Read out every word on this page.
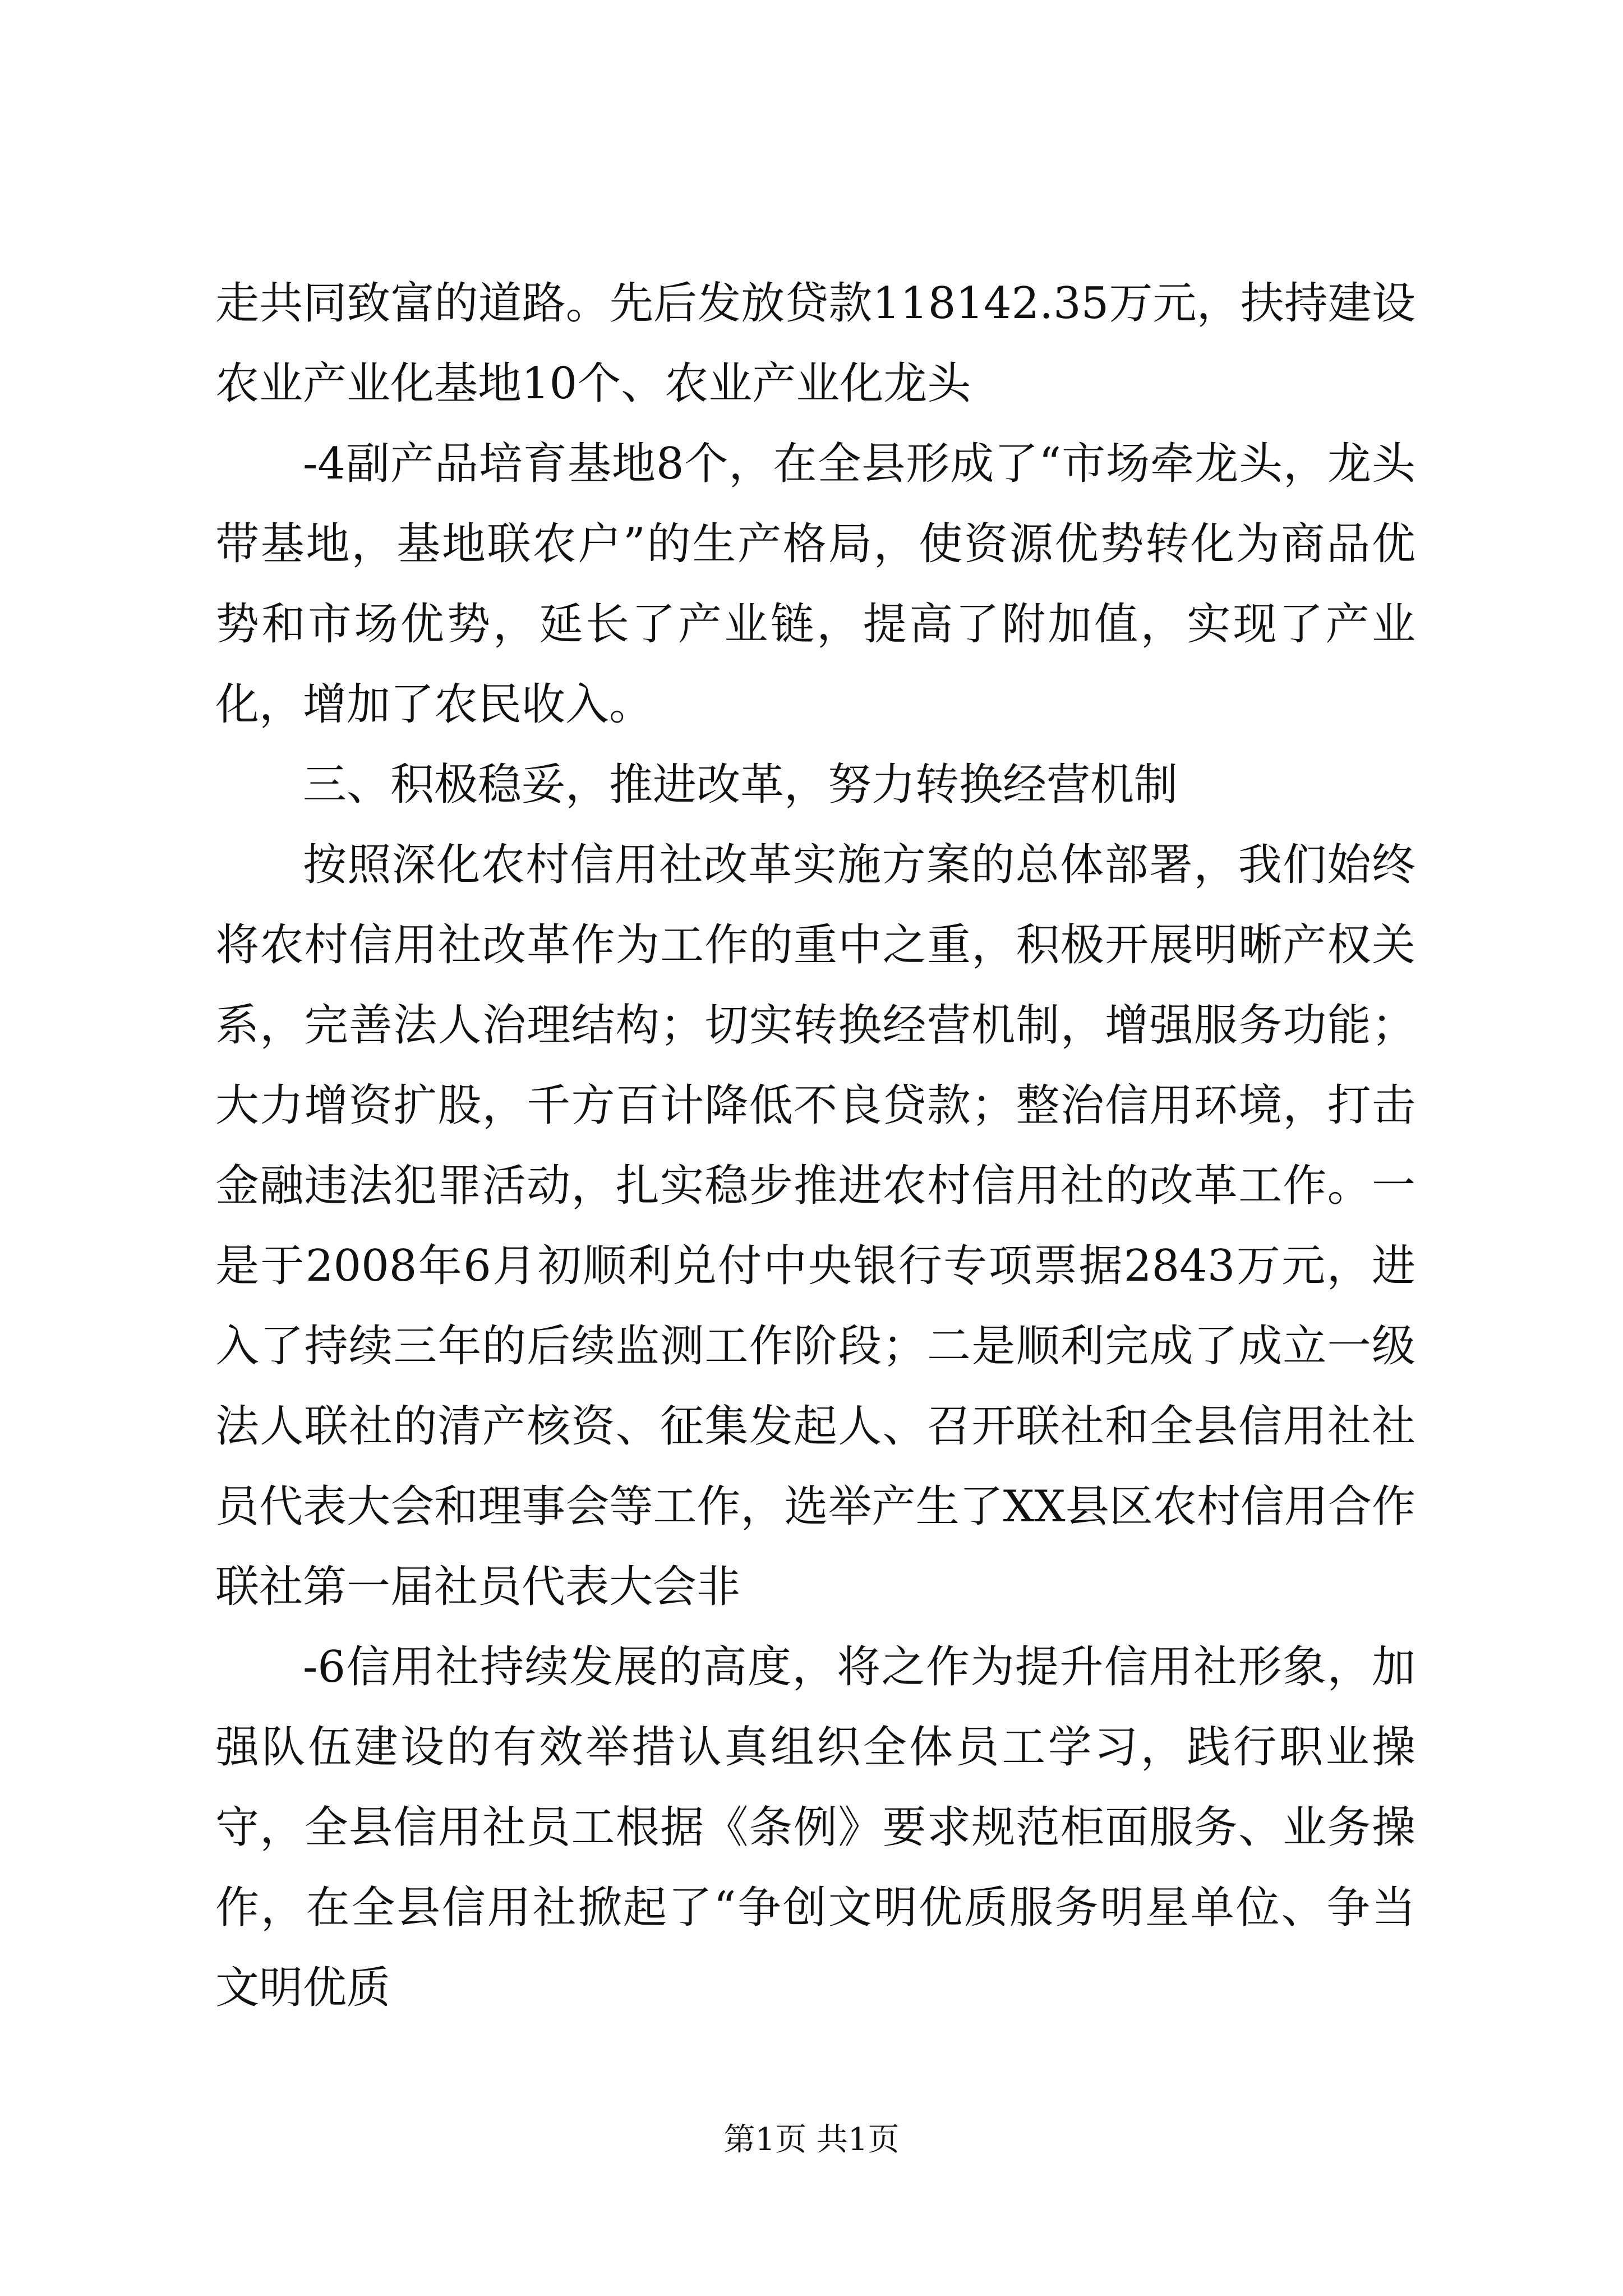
走共同致富的道路。先后发放贷款118142.35万元，扶持建设农业产业化基地10个、农业产业化龙头

-4副产品培育基地8个，在全县形成了“市场牵龙头，龙头带基地，基地联农户”的生产格局，使资源优势转化为商品优势和市场优势，延长了产业链，提高了附加值，实现了产业化，增加了农民收入。

三、积极稳妥，推进改革，努力转换经营机制

按照深化农村信用社改革实施方案的总体部署，我们始终将农村信用社改革作为工作的重中之重，积极开展明晰产权关系，完善法人治理结构；切实转换经营机制，增强服务功能；大力增资扩股，千方百计降低不良贷款；整治信用环境，打击金融违法犯罪活动，扎实稳步推进农村信用社的改革工作。一是于2008年6月初顺利兑付中央银行专项票据2843万元，进入了持续三年的后续监测工作阶段；二是顺利完成了成立一级法人联社的清产核资、征集发起人、召开联社和全县信用社社员代表大会和理事会等工作，选举产生了XX县区农村信用合作联社第一届社员代表大会非

-6信用社持续发展的高度，将之作为提升信用社形象，加强队伍建设的有效举措认真组织全体员工学习，践行职业操守，全县信用社员工根据《条例》要求规范柜面服务、业务操作，在全县信用社掀起了“争创文明优质服务明星单位、争当文明优质

第1页 共1页
